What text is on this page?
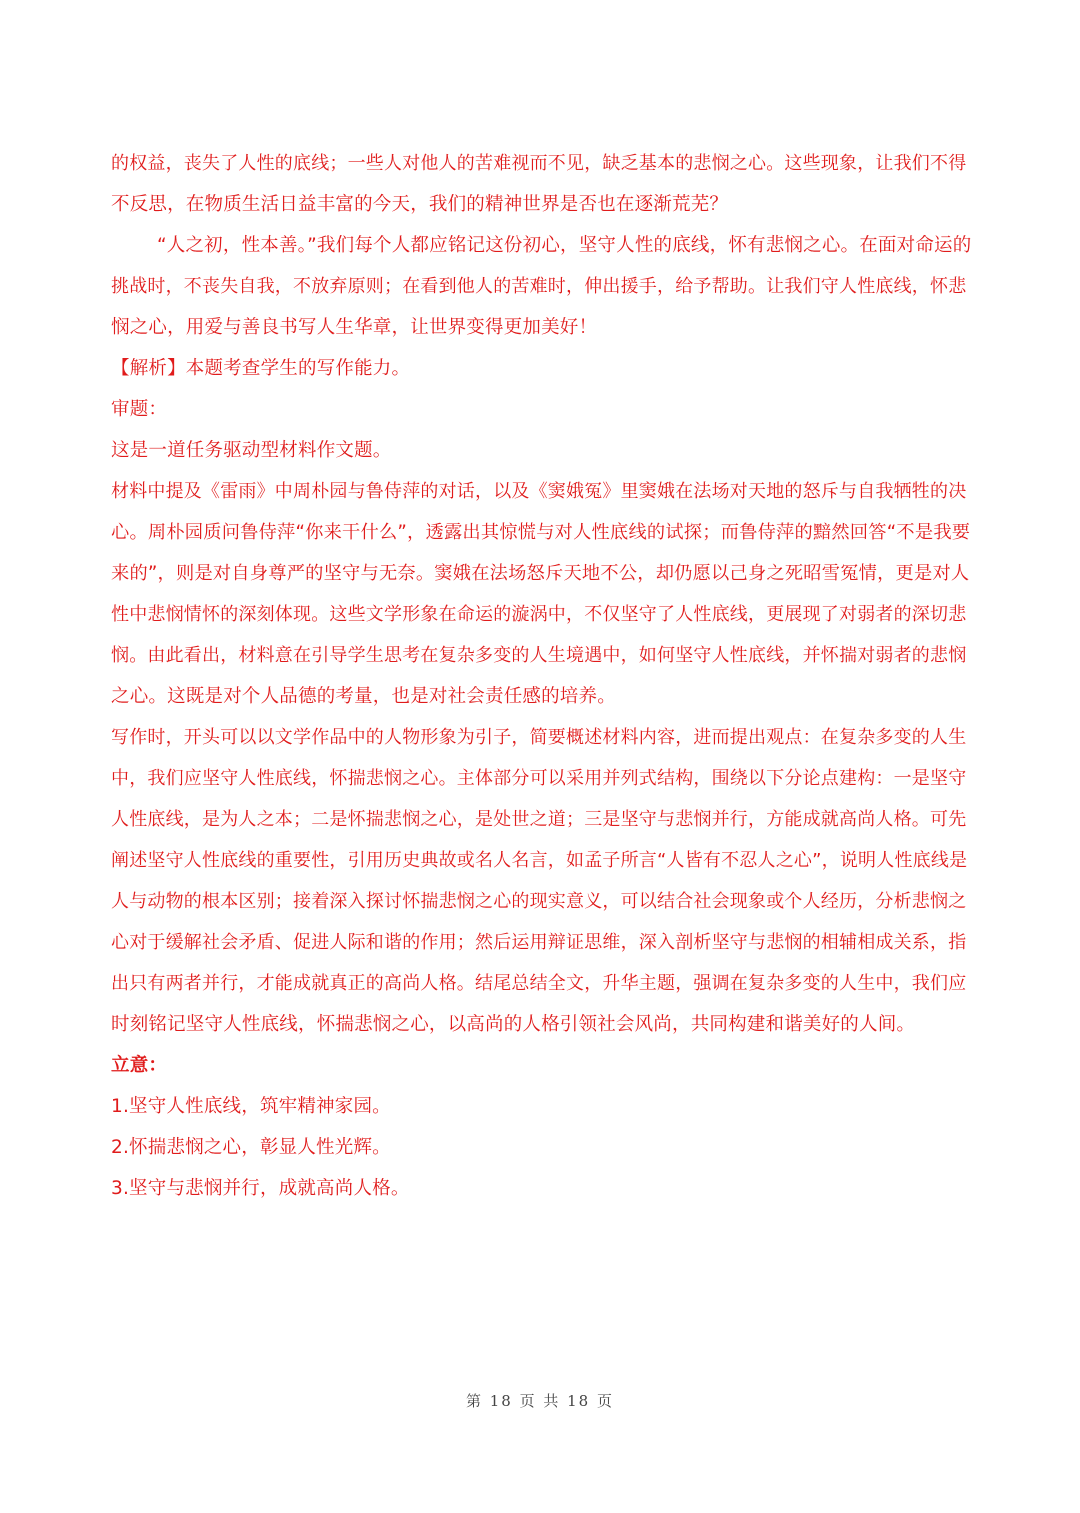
的权益，丧失了人性的底线；一些人对他人的苦难视而不见，缺乏基本的悲悯之心。这些现象，让我们不得
不反思，在物质生活日益丰富的今天，我们的精神世界是否也在逐渐荒芜？
“人之初，性本善。”我们每个人都应铭记这份初心，坚守人性的底线，怀有悲悯之心。在面对命运的
挑战时，不丧失自我，不放弃原则；在看到他人的苦难时，伸出援手，给予帮助。让我们守人性底线，怀悲
悯之心，用爱与善良书写人生华章，让世界变得更加美好！
【解析】本题考查学生的写作能力。
审题：
这是一道任务驱动型材料作文题。
材料中提及《雷雨》中周朴园与鲁侍萍的对话，以及《窦娥冤》里窦娥在法场对天地的怒斥与自我牺牲的决
心。周朴园质问鲁侍萍“你来干什么”，透露出其惊慌与对人性底线的试探；而鲁侍萍的黯然回答“不是我要
来的”，则是对自身尊严的坚守与无奈。窦娥在法场怒斥天地不公，却仍愿以己身之死昭雪冤情，更是对人
性中悲悯情怀的深刻体现。这些文学形象在命运的漩涡中，不仅坚守了人性底线，更展现了对弱者的深切悲
悯。由此看出，材料意在引导学生思考在复杂多变的人生境遇中，如何坚守人性底线，并怀揣对弱者的悲悯
之心。这既是对个人品德的考量，也是对社会责任感的培养。
写作时，开头可以以文学作品中的人物形象为引子，简要概述材料内容，进而提出观点：在复杂多变的人生
中，我们应坚守人性底线，怀揣悲悯之心。主体部分可以采用并列式结构，围绕以下分论点建构：一是坚守
人性底线，是为人之本；二是怀揣悲悯之心，是处世之道；三是坚守与悲悯并行，方能成就高尚人格。可先
阐述坚守人性底线的重要性，引用历史典故或名人名言，如孟子所言“人皆有不忍人之心”，说明人性底线是
人与动物的根本区别；接着深入探讨怀揣悲悯之心的现实意义，可以结合社会现象或个人经历，分析悲悯之
心对于缓解社会矛盾、促进人际和谐的作用；然后运用辩证思维，深入剖析坚守与悲悯的相辅相成关系，指
出只有两者并行，才能成就真正的高尚人格。结尾总结全文，升华主题，强调在复杂多变的人生中，我们应
时刻铭记坚守人性底线，怀揣悲悯之心，以高尚的人格引领社会风尚，共同构建和谐美好的人间。
立意：
1.坚守人性底线，筑牢精神家园。
2.怀揣悲悯之心，彰显人性光辉。
3.坚守与悲悯并行，成就高尚人格。
第 18 页 共 18 页
